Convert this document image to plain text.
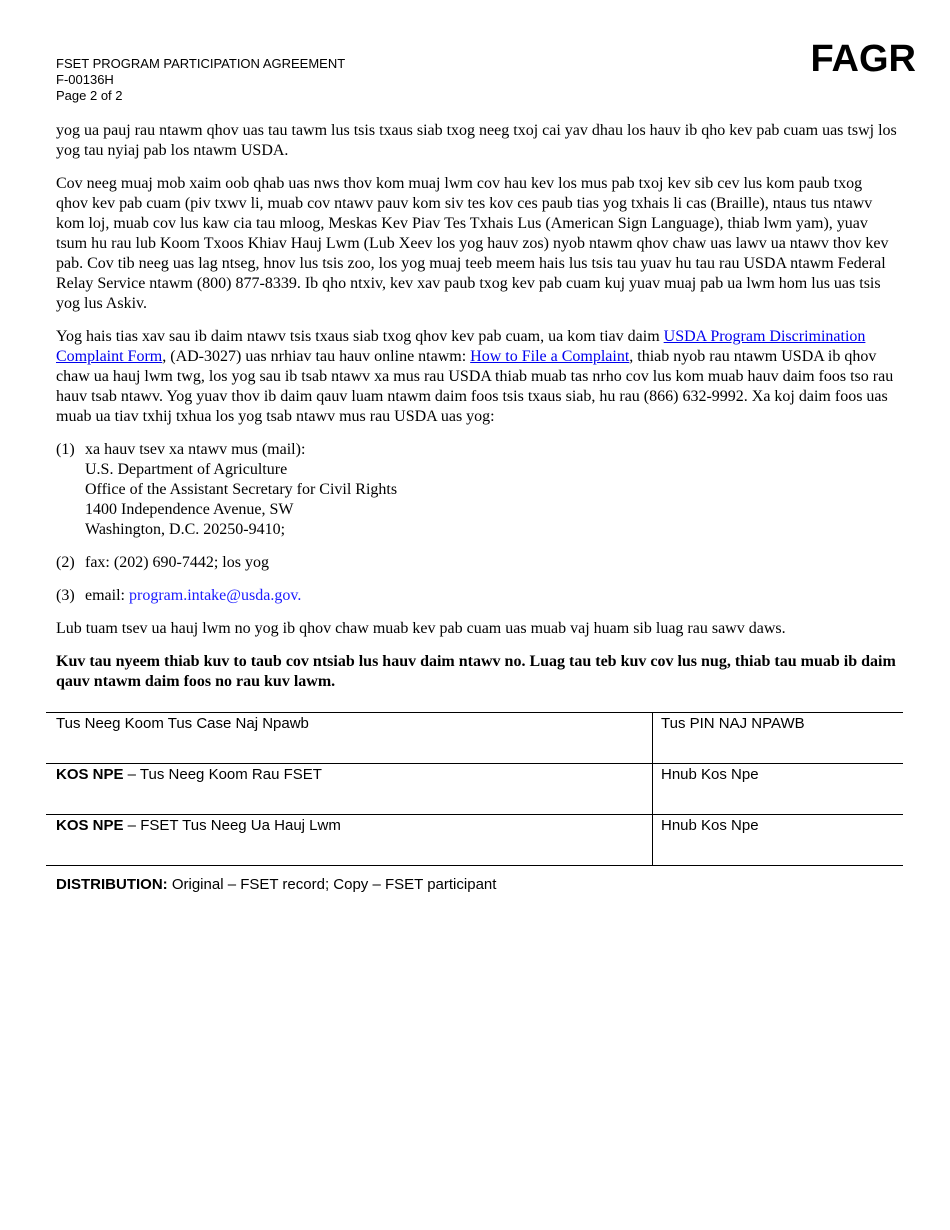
FSET PROGRAM PARTICIPATION AGREEMENT
F-00136H
Page 2 of 2
FAGR

yog ua pauj rau ntawm qhov uas tau tawm lus tsis txaus siab txog neeg txoj cai yav dhau los hauv ib qho kev pab cuam uas tswj los yog tau nyiaj pab los ntawm USDA.

Cov neeg muaj mob xaim oob qhab uas nws thov kom muaj lwm cov hau kev los mus pab txoj kev sib cev lus kom paub txog qhov kev pab cuam (piv txwv li, muab cov ntawv pauv kom siv tes kov ces paub tias yog txhais li cas (Braille), ntaus tus ntawv kom loj, muab cov lus kaw cia tau mloog, Meskas Kev Piav Tes Txhais Lus (American Sign Language), thiab lwm yam), yuav tsum hu rau lub Koom Txoos Khiav Hauj Lwm (Lub Xeev los yog hauv zos) nyob ntawm qhov chaw uas lawv ua ntawv thov kev pab. Cov tib neeg uas lag ntseg, hnov lus tsis zoo, los yog muaj teeb meem hais lus tsis tau yuav hu tau rau USDA ntawm Federal Relay Service ntawm (800) 877-8339. Ib qho ntxiv, kev xav paub txog kev pab cuam kuj yuav muaj pab ua lwm hom lus uas tsis yog lus Askiv.

Yog hais tias xav sau ib daim ntawv tsis txaus siab txog qhov kev pab cuam, ua kom tiav daim USDA Program Discrimination Complaint Form, (AD-3027) uas nrhiav tau hauv online ntawm: How to File a Complaint, thiab nyob rau ntawm USDA ib qhov chaw ua hauj lwm twg, los yog sau ib tsab ntawv xa mus rau USDA thiab muab tas nrho cov lus kom muab hauv daim foos tso rau hauv tsab ntawv. Yog yuav thov ib daim qauv luam ntawm daim foos tsis txaus siab, hu rau (866) 632-9992. Xa koj daim foos uas muab ua tiav txhij txhua los yog tsab ntawv mus rau USDA uas yog:

(1) xa hauv tsev xa ntawv mus (mail):
U.S. Department of Agriculture
Office of the Assistant Secretary for Civil Rights
1400 Independence Avenue, SW
Washington, D.C. 20250-9410;
(2) fax: (202) 690-7442; los yog
(3) email: program.intake@usda.gov.

Lub tuam tsev ua hauj lwm no yog ib qhov chaw muab kev pab cuam uas muab vaj huam sib luag rau sawv daws.

Kuv tau nyeem thiab kuv to taub cov ntsiab lus hauv daim ntawv no. Luag tau teb kuv cov lus nug, thiab tau muab ib daim qauv ntawm daim foos no rau kuv lawm.

Tus Neeg Koom Tus Case Naj Npawb	Tus PIN NAJ NPAWB

KOS NPE – Tus Neeg Koom Rau FSET	Hnub Kos Npe

KOS NPE – FSET Tus Neeg Ua Hauj Lwm	Hnub Kos Npe
DISTRIBUTION: Original – FSET record; Copy – FSET participant
